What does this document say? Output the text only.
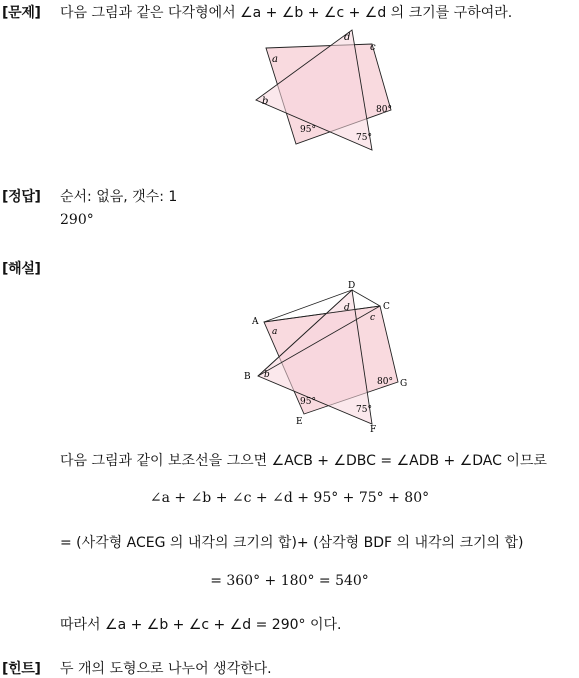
[문제] 다음 그림과 같은 다각형에서 ∠a + ∠b + ∠c + ∠d 의 크기를 구하여라.
a
b
c
d
80°
95°
75°
[정답] 순서: 없음, 갯수: 1
290°
[해설]
A
B
C
D
E
F
G
a
b
c
d
80°
95°
75°
다음 그림과 같이 보조선을 그으면 ∠ACB + ∠DBC = ∠ADB + ∠DAC 이므로
∠a + ∠b + ∠c + ∠d + 95° + 75° + 80°
= (사각형 ACEG 의 내각의 크기의 합)+ (삼각형 BDF 의 내각의 크기의 합)
= 360° + 180° = 540°
따라서 ∠a + ∠b + ∠c + ∠d = 290° 이다.
[힌트] 두 개의 도형으로 나누어 생각한다.
